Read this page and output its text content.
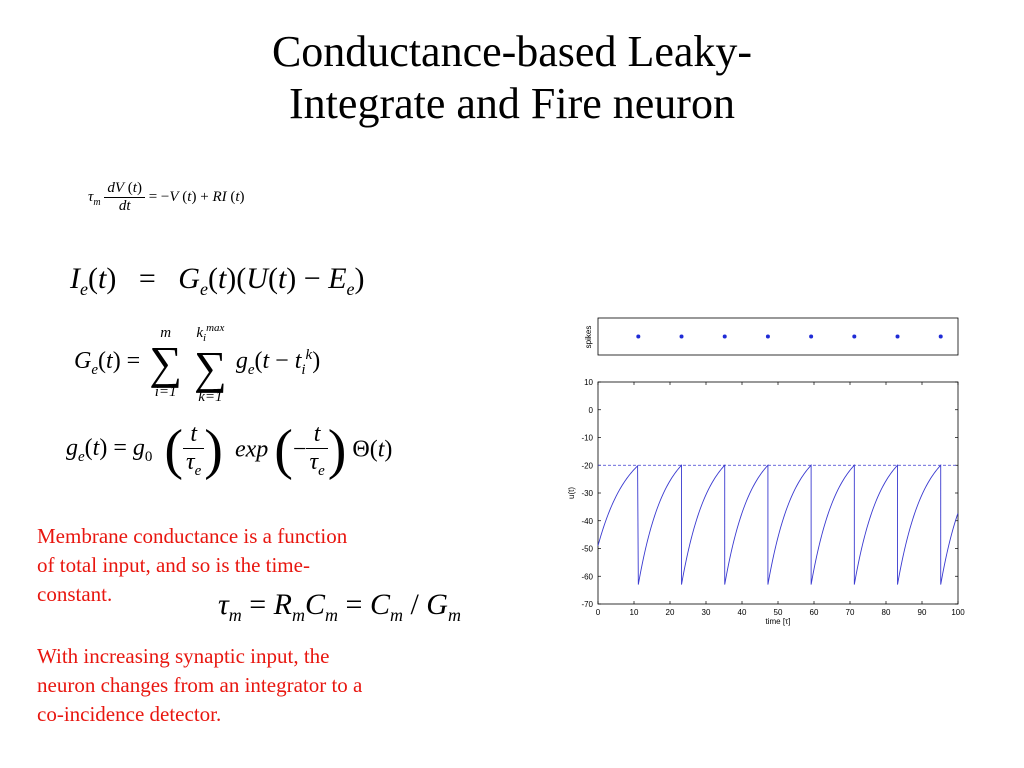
Conductance-based Leaky-
Integrate and Fire neuron
$\tau_m \frac{dV (t)}{dt} = -V$ (t) + RI (t)
$I_e(t) = G_e(t)(U(t) - E_e)$
$G_e(t)$ =
m
∑
i=1

$k_i^{max}$
∑
k=1
$g_e(t - t_i^k)$
$g_e(t) = g_0$ ( $\frac{t}{\tau_e}$ ) exp (− $\frac{t}{\tau_e}$ ) Θ(t)
$\tau_m = R_mC_m = C_m / G_m$
Membrane conductance is a function
of total input, and so is the time-
constant.
With increasing synaptic input, the
neuron changes from an integrator to a
co-incidence detector.
spikes
10
0
-10
-20
-30
-40
-50
-60
-70
0	10	20	30	40	50	60	70	80	90	100
u(t)
time [τ]
